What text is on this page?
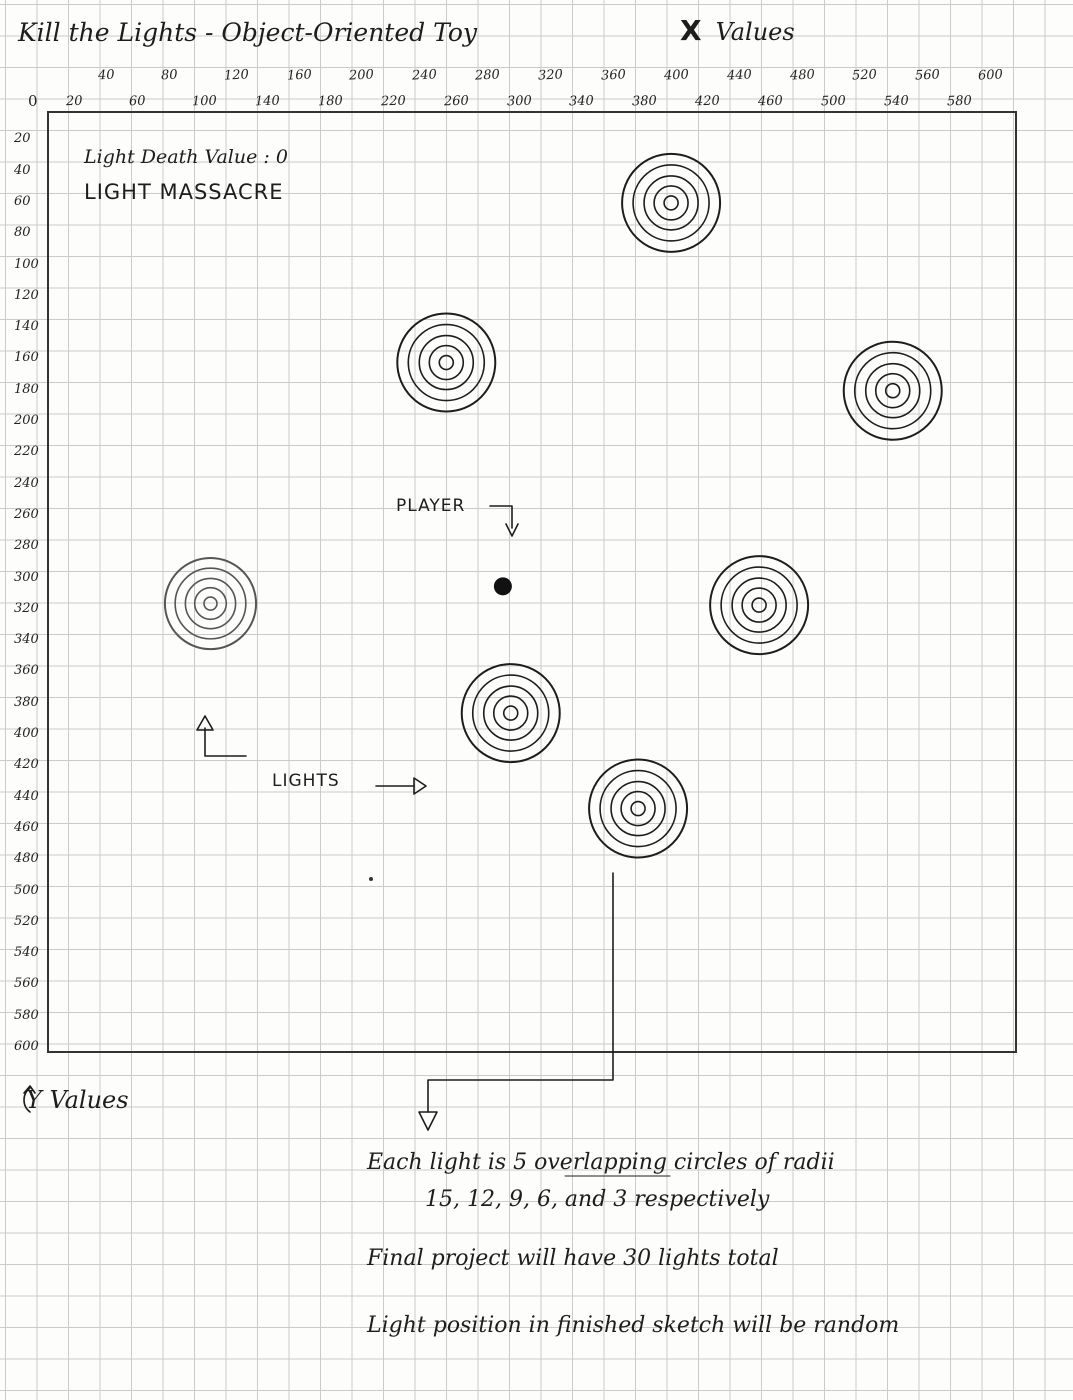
Kill the Lights - Object-Oriented Toy	X Values
40	80	120	160	200	240	280	320	360	400	440	480	520	560	600
20	60	100	140	180	220	260	300	340	380	420	460	500	540	580
0
20
40
60
80
100
120
140
160
180
200
220
240
260
280
300
320
340
360
380
400
420
440
460
480
500
520
540
560
580
600
Light Death Value : 0
LIGHT MASSACRE
PLAYER
LIGHTS
Y Values
Each light is 5 overlapping circles of radii
15, 12, 9, 6, and 3 respectively
Final project will have 30 lights total
Light position in finished sketch will be random
